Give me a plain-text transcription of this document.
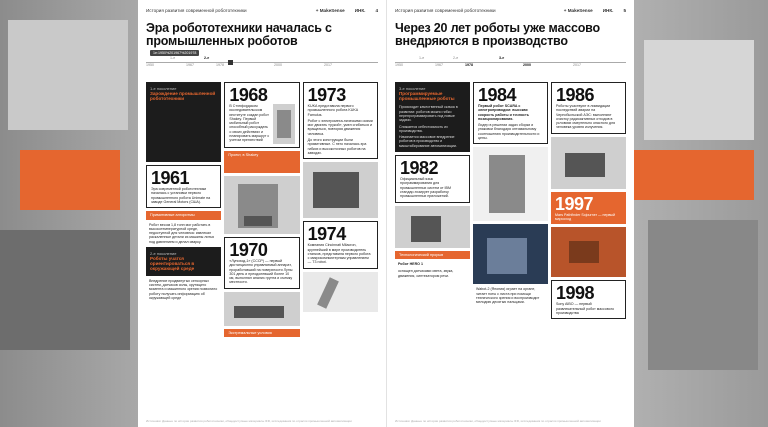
История развития современной робототехники	+ MakeSense ИНК. 4
Эра робототехники началась с промышленных роботов
1е:1950%201967%201978
1-е	2-е
1950	1967	1978	2000	2017
1-е поколение
Зарождение промышленной робототехники
1961
Эра современной робототехники началась с установки первого промышленного робота Unimate на заводе General Motors (США).
Примитивные алгоритмы
Робот весом 1,8 тонн мог работать в высокотемпературной среде, недоступной для человека: извлекал раскаленные детали из машины литья под давлением и делал сварку.
2-е поколение
Роботы учатся ориентироваться в окружающей среде
Внедрение продвинутых сенсорных систем, датчиков силы, крутящего момента и машинного зрения позволило роботу получать информацию об окружающей среде
1968
В Стэнфордском исследовательском институте создан робот Shakey. Первый мобильный робот способный рассуждать о своих действиях и планировать маршрут с учетом препятствий
Проект, в Shakey
1970
«Луноход-1» (СССР) — первый дистанционно управляемый аппарат, проработавший на поверхности Луны 301 день и преодолевший более 10 км, выполнял анализ грунта и съемку местности.
Экстремальные условия
1973
KUKA представила первого промышленного робота KUKA Famulus.
Робот с электромеха-ническими осями мог двигать «рукой», умел сгибаться и вращаться, повторяя движения человека.
До этого конструкции были примитивные. С него началась эра гибких и высокоточных роботов на заводах.
1974
Компания Cincinnati Milacron, крупнейший в мире производитель станков, представила первого робота с микрокомпьютерным управлением — T3 robot.
Источники: Данные по истории развития робототехники, общедоступные материалы IFR, исследования по отрасли промышленной автоматизации
История развития современной робототехники	+ MakeSense ИНК. 5
Через 20 лет роботы уже массово внедряются в производство
1-е	2-е	3-е
1950	1967	1978	2000	2017
3-е поколение
Программируемые промышленные роботы
Происходит качественный скачок в развитии: роботов можно гибко перепрограммировать под новые задачи.
Снижается себестоимость их производства.
Начинается массовое внедрение роботов в производство и масштабирование автоматизации.
1982
Официальный язык программирования для промышленных систем от IBM стандар-тизирует разработку промышленных приложений.
Технологический прорыв
Робот HERO 1
оснащен датчиками света, звука, движения, синтезатором речи.
1984
Первый робот SCARA с электроприводом: высокая скорость работы и точность позиционирования.
Лидер в решении задач сборки и упаковки благодаря оптимальному соотношению производительности и цены.
Wabot-2 (Япония) играет на органе, читает ноты с листа при помощи технического зрения и воспроизводит мелодию десятью пальцами.
1986
Роботы участвуют в ликвидации последствий аварии на Чернобыльской АЭС: выполняют очистку радиоактивных отходов в условиях смертельно опасного для человека уровня излучения.
1997
Mars Pathfinder Sojourner — первый марсоход
1998
Sony AIBO — первый развлекательный робот массового производства
Источники: Данные по истории развития робототехники, общедоступные материалы IFR, исследования по отрасли промышленной автоматизации
